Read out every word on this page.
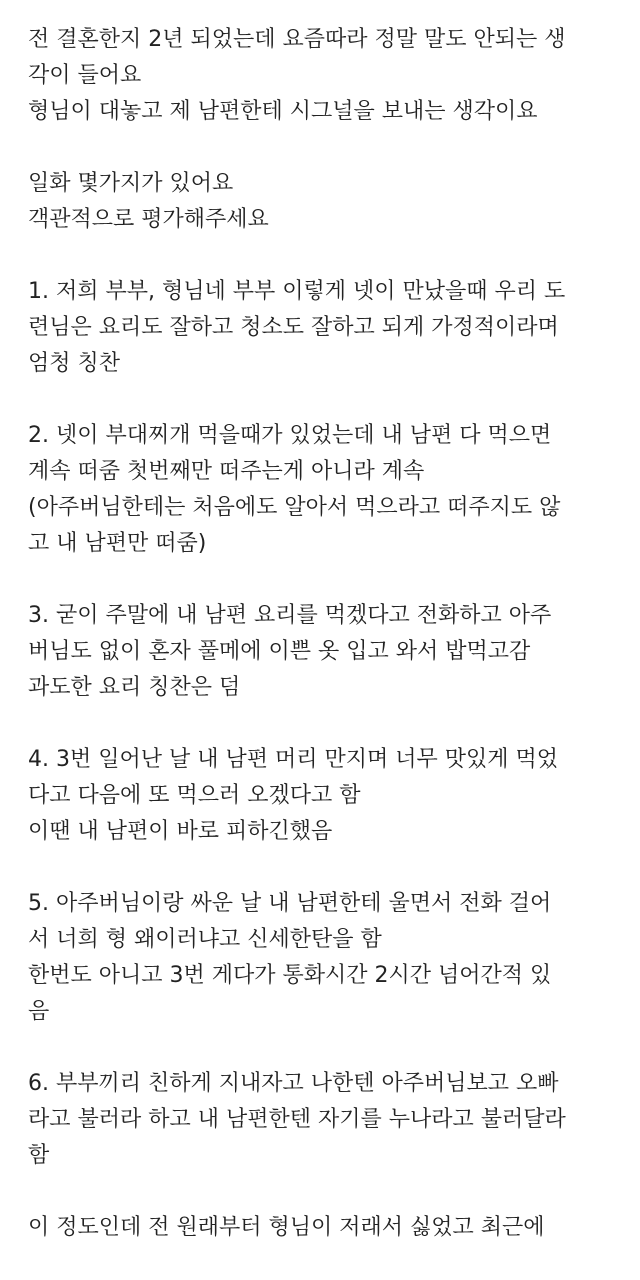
전 결혼한지 2년 되었는데 요즘따라 정말 말도 안되는 생
각이 들어요
형님이 대놓고 제 남편한테 시그널을 보내는 생각이요
일화 몇가지가 있어요
객관적으로 평가해주세요
1. 저희 부부, 형님네 부부 이렇게 넷이 만났을때 우리 도
련님은 요리도 잘하고 청소도 잘하고 되게 가정적이라며
엄청 칭찬
2. 넷이 부대찌개 먹을때가 있었는데 내 남편 다 먹으면
계속 떠줌 첫번째만 떠주는게 아니라 계속
(아주버님한테는 처음에도 알아서 먹으라고 떠주지도 않
고 내 남편만 떠줌)
3. 굳이 주말에 내 남편 요리를 먹겠다고 전화하고 아주
버님도 없이 혼자 풀메에 이쁜 옷 입고 와서 밥먹고감
과도한 요리 칭찬은 덤
4. 3번 일어난 날 내 남편 머리 만지며 너무 맛있게 먹었
다고 다음에 또 먹으러 오겠다고 함
이땐 내 남편이 바로 피하긴했음
5. 아주버님이랑 싸운 날 내 남편한테 울면서 전화 걸어
서 너희 형 왜이러냐고 신세한탄을 함
한번도 아니고 3번 게다가 통화시간 2시간 넘어간적 있
음
6. 부부끼리 친하게 지내자고 나한텐 아주버님보고 오빠
라고 불러라 하고 내 남편한텐 자기를 누나라고 불러달라
함
이 정도인데 전 원래부터 형님이 저래서 싫었고 최근에
